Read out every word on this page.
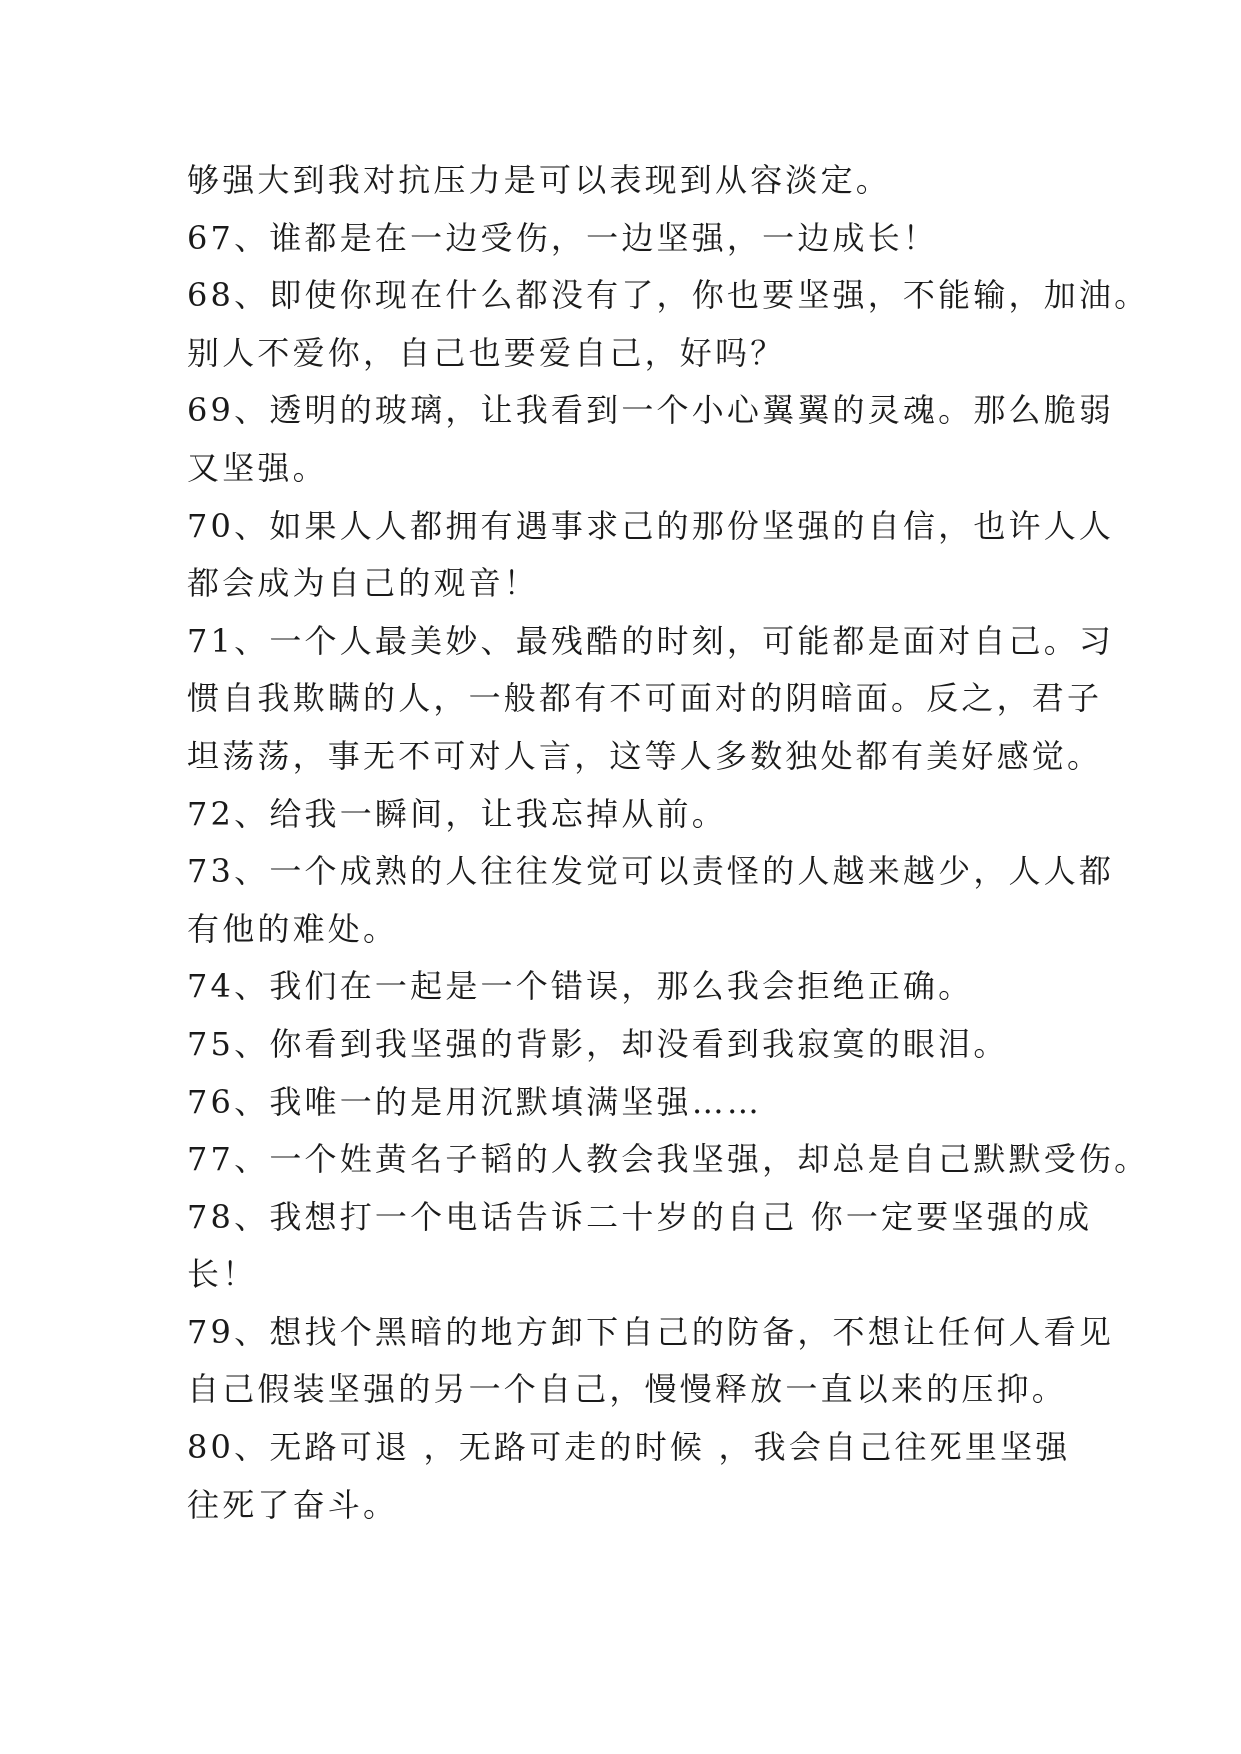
够强大到我对抗压力是可以表现到从容淡定。
67、谁都是在一边受伤，一边坚强，一边成长！
68、即使你现在什么都没有了，你也要坚强，不能输，加油。
别人不爱你，自己也要爱自己，好吗？
69、透明的玻璃，让我看到一个小心翼翼的灵魂。那么脆弱
又坚强。
70、如果人人都拥有遇事求己的那份坚强的自信，也许人人
都会成为自己的观音！
71、一个人最美妙、最残酷的时刻，可能都是面对自己。习
惯自我欺瞒的人，一般都有不可面对的阴暗面。反之，君子
坦荡荡，事无不可对人言，这等人多数独处都有美好感觉。
72、给我一瞬间，让我忘掉从前。
73、一个成熟的人往往发觉可以责怪的人越来越少，人人都
有他的难处。
74、我们在一起是一个错误，那么我会拒绝正确。
75、你看到我坚强的背影，却没看到我寂寞的眼泪。
76、我唯一的是用沉默填满坚强……
77、一个姓黄名子韬的人教会我坚强，却总是自己默默受伤。
78、我想打一个电话告诉二十岁的自己 你一定要坚强的成
长！
79、想找个黑暗的地方卸下自己的防备，不想让任何人看见
自己假装坚强的另一个自己，慢慢释放一直以来的压抑。
80、无路可退 ，无路可走的时候 ，我会自己往死里坚强
往死了奋斗。
